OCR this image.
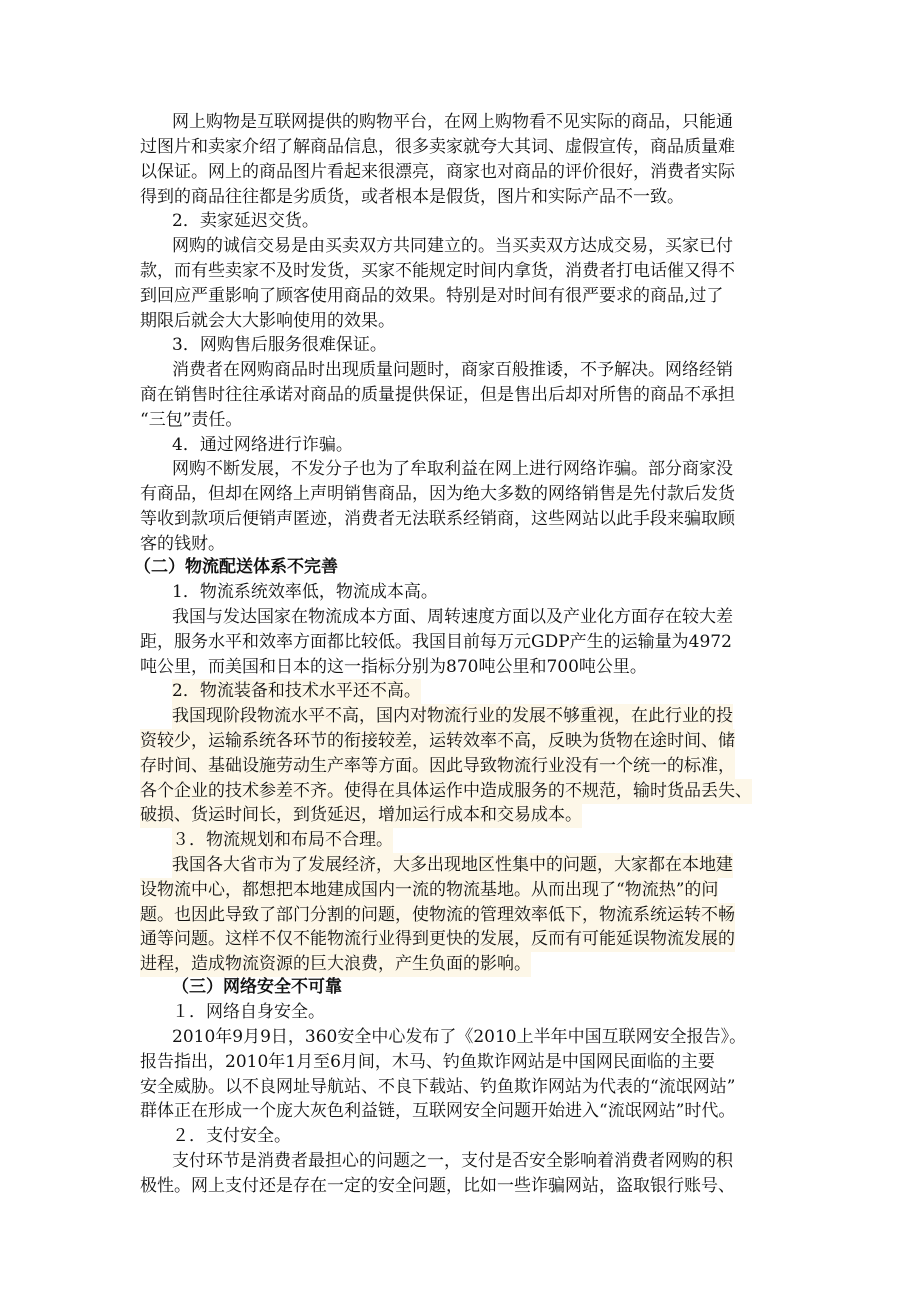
网上购物是互联网提供的购物平台，在网上购物看不见实际的商品，只能通
过图片和卖家介绍了解商品信息，很多卖家就夸大其词、虚假宣传，商品质量难
以保证。网上的商品图片看起来很漂亮，商家也对商品的评价很好，消费者实际
得到的商品往往都是劣质货，或者根本是假货，图片和实际产品不一致。
2．卖家延迟交货。
网购的诚信交易是由买卖双方共同建立的。当买卖双方达成交易，买家已付
款，而有些卖家不及时发货，买家不能规定时间内拿货，消费者打电话催又得不
到回应严重影响了顾客使用商品的效果。特别是对时间有很严要求的商品,过了
期限后就会大大影响使用的效果。
3．网购售后服务很难保证。
消费者在网购商品时出现质量问题时，商家百般推诿，不予解决。网络经销
商在销售时往往承诺对商品的质量提供保证，但是售出后却对所售的商品不承担
“三包”责任。
4．通过网络进行诈骗。
网购不断发展，不发分子也为了牟取利益在网上进行网络诈骗。部分商家没
有商品，但却在网络上声明销售商品，因为绝大多数的网络销售是先付款后发货
等收到款项后便销声匿迹，消费者无法联系经销商，这些网站以此手段来骗取顾
客的钱财。
（二）物流配送体系不完善
1．物流系统效率低，物流成本高。
我国与发达国家在物流成本方面、周转速度方面以及产业化方面存在较大差
距，服务水平和效率方面都比较低。我国目前每万元GDP产生的运输量为4972
吨公里，而美国和日本的这一指标分别为870吨公里和700吨公里。
2．物流装备和技术水平还不高。
我国现阶段物流水平不高，国内对物流行业的发展不够重视，在此行业的投
资较少，运输系统各环节的衔接较差，运转效率不高，反映为货物在途时间、储
存时间、基础设施劳动生产率等方面。因此导致物流行业没有一个统一的标准，
各个企业的技术参差不齐。使得在具体运作中造成服务的不规范，输时货品丢失、
破损、货运时间长，到货延迟，增加运行成本和交易成本。
３．物流规划和布局不合理。
我国各大省市为了发展经济，大多出现地区性集中的问题，大家都在本地建
设物流中心，都想把本地建成国内一流的物流基地。从而出现了“物流热”的问
题。也因此导致了部门分割的问题，使物流的管理效率低下，物流系统运转不畅
通等问题。这样不仅不能物流行业得到更快的发展，反而有可能延误物流发展的
进程，造成物流资源的巨大浪费，产生负面的影响。
（三）网络安全不可靠
１．网络自身安全。
2010年9月9日，360安全中心发布了《2010上半年中国互联网安全报告》。
报告指出，2010年1月至6月间，木马、钓鱼欺诈网站是中国网民面临的主要
安全威胁。以不良网址导航站、不良下载站、钓鱼欺诈网站为代表的“流氓网站”
群体正在形成一个庞大灰色利益链，互联网安全问题开始进入“流氓网站”时代。
２．支付安全。
支付环节是消费者最担心的问题之一，支付是否安全影响着消费者网购的积
极性。网上支付还是存在一定的安全问题，比如一些诈骗网站，盗取银行账号、
